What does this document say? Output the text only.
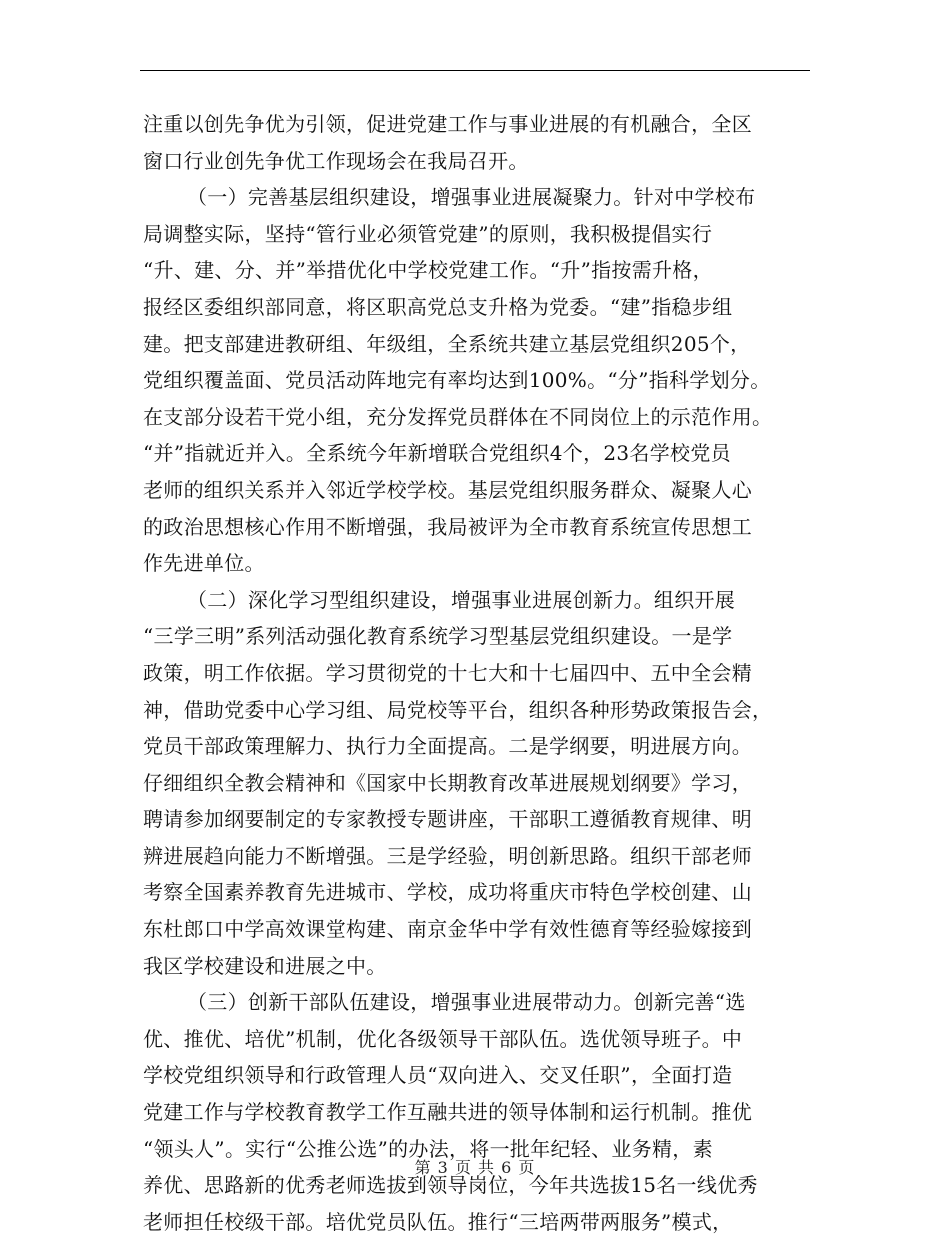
注重以创先争优为引领，促进党建工作与事业进展的有机融合，全区
窗口行业创先争优工作现场会在我局召开。
（一）完善基层组织建设，增强事业进展凝聚力。针对中学校布
局调整实际，坚持“管行业必须管党建”的原则，我积极提倡实行
“升、建、分、并”举措优化中学校党建工作。“升”指按需升格，
报经区委组织部同意，将区职高党总支升格为党委。“建”指稳步组
建。把支部建进教研组、年级组，全系统共建立基层党组织205个，
党组织覆盖面、党员活动阵地完有率均达到100%。“分”指科学划分。
在支部分设若干党小组，充分发挥党员群体在不同岗位上的示范作用。
“并”指就近并入。全系统今年新增联合党组织4个，23名学校党员
老师的组织关系并入邻近学校学校。基层党组织服务群众、凝聚人心
的政治思想核心作用不断增强，我局被评为全市教育系统宣传思想工
作先进单位。
（二）深化学习型组织建设，增强事业进展创新力。组织开展
“三学三明”系列活动强化教育系统学习型基层党组织建设。一是学
政策，明工作依据。学习贯彻党的十七大和十七届四中、五中全会精
神，借助党委中心学习组、局党校等平台，组织各种形势政策报告会，
党员干部政策理解力、执行力全面提高。二是学纲要，明进展方向。
仔细组织全教会精神和《国家中长期教育改革进展规划纲要》学习，
聘请参加纲要制定的专家教授专题讲座，干部职工遵循教育规律、明
辨进展趋向能力不断增强。三是学经验，明创新思路。组织干部老师
考察全国素养教育先进城市、学校，成功将重庆市特色学校创建、山
东杜郎口中学高效课堂构建、南京金华中学有效性德育等经验嫁接到
我区学校建设和进展之中。
（三）创新干部队伍建设，增强事业进展带动力。创新完善“选
优、推优、培优”机制，优化各级领导干部队伍。选优领导班子。中
学校党组织领导和行政管理人员“双向进入、交叉任职”，全面打造
党建工作与学校教育教学工作互融共进的领导体制和运行机制。推优
“领头人”。实行“公推公选”的办法，将一批年纪轻、业务精，素
养优、思路新的优秀老师选拔到领导岗位，今年共选拔15名一线优秀
老师担任校级干部。培优党员队伍。推行“三培两带两服务”模式，
第 3 页 共 6 页
